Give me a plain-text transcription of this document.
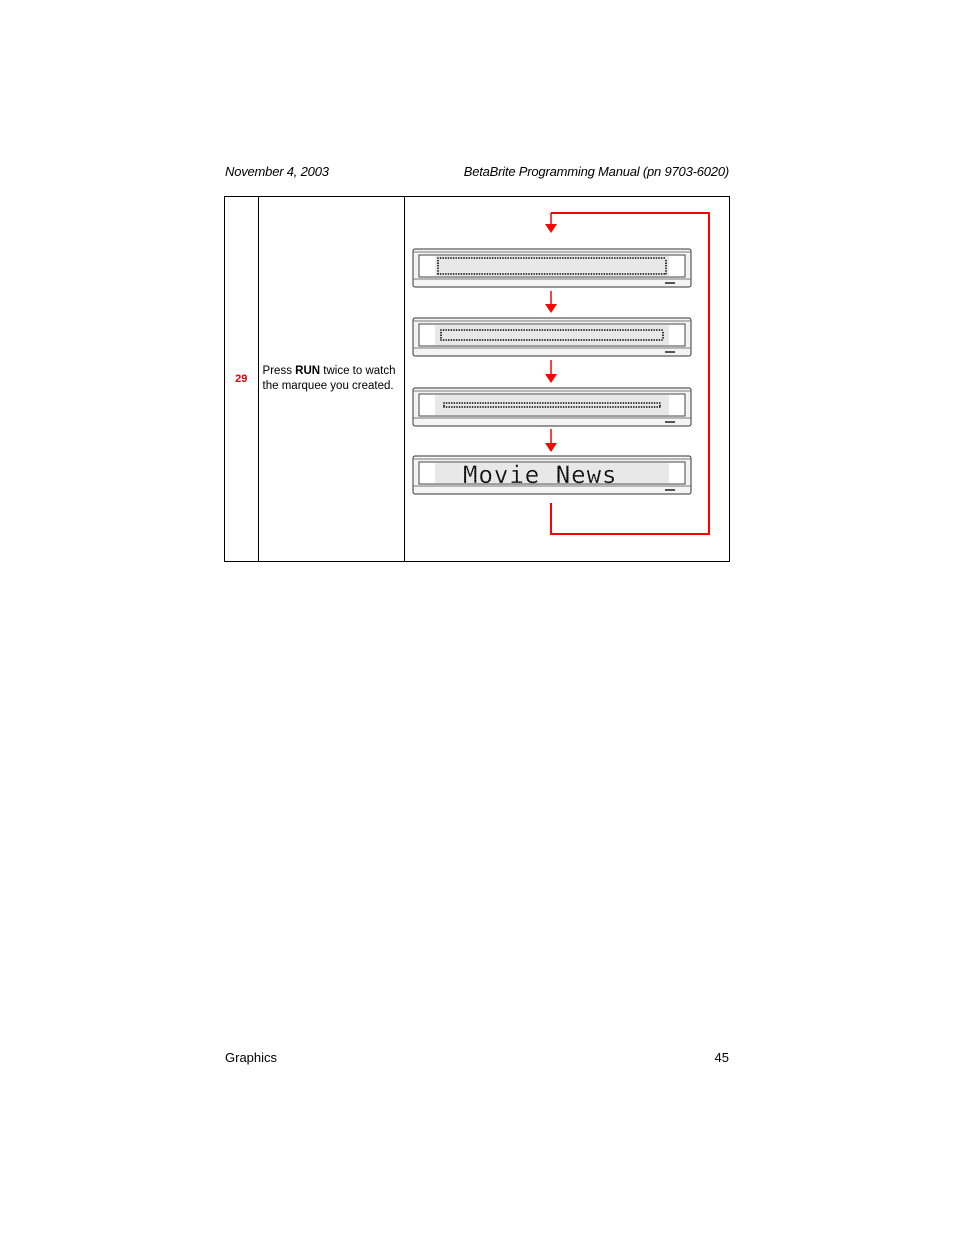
November 4, 2003	BetaBrite Programming Manual (pn 9703-6020)
29	Press RUN twice to watch the marquee you created.	
Movie News
Graphics	45
